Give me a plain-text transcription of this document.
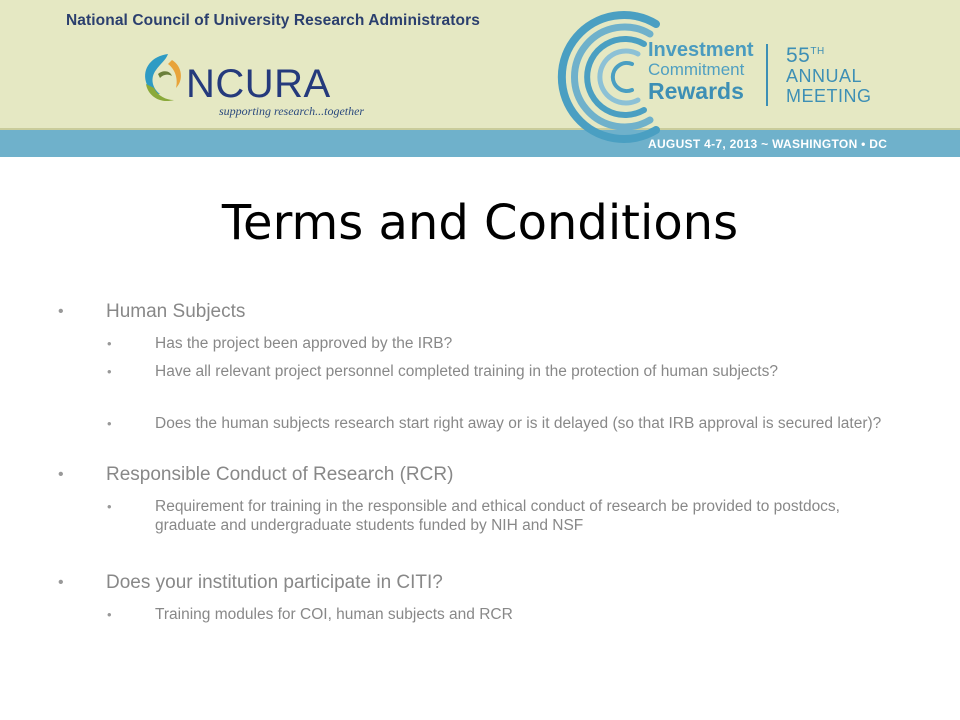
National Council of University Research Administrators
NCURA
supporting research...together
Investment
Commitment
Rewards
55TH
ANNUAL
MEETING
AUGUST 4-7, 2013 ~ WASHINGTON • DC
Terms and Conditions
• Human Subjects
• Has the project been approved by the IRB?
• Have all relevant project personnel completed training in the protection of human subjects?
• Does the human subjects research start right away or is it delayed (so that IRB approval is secured later)?
• Responsible Conduct of Research (RCR)
• Requirement for training in the responsible and ethical conduct of research be provided to postdocs, graduate and undergraduate students funded by NIH and NSF
• Does your institution participate in CITI?
• Training modules for COI, human subjects and RCR
